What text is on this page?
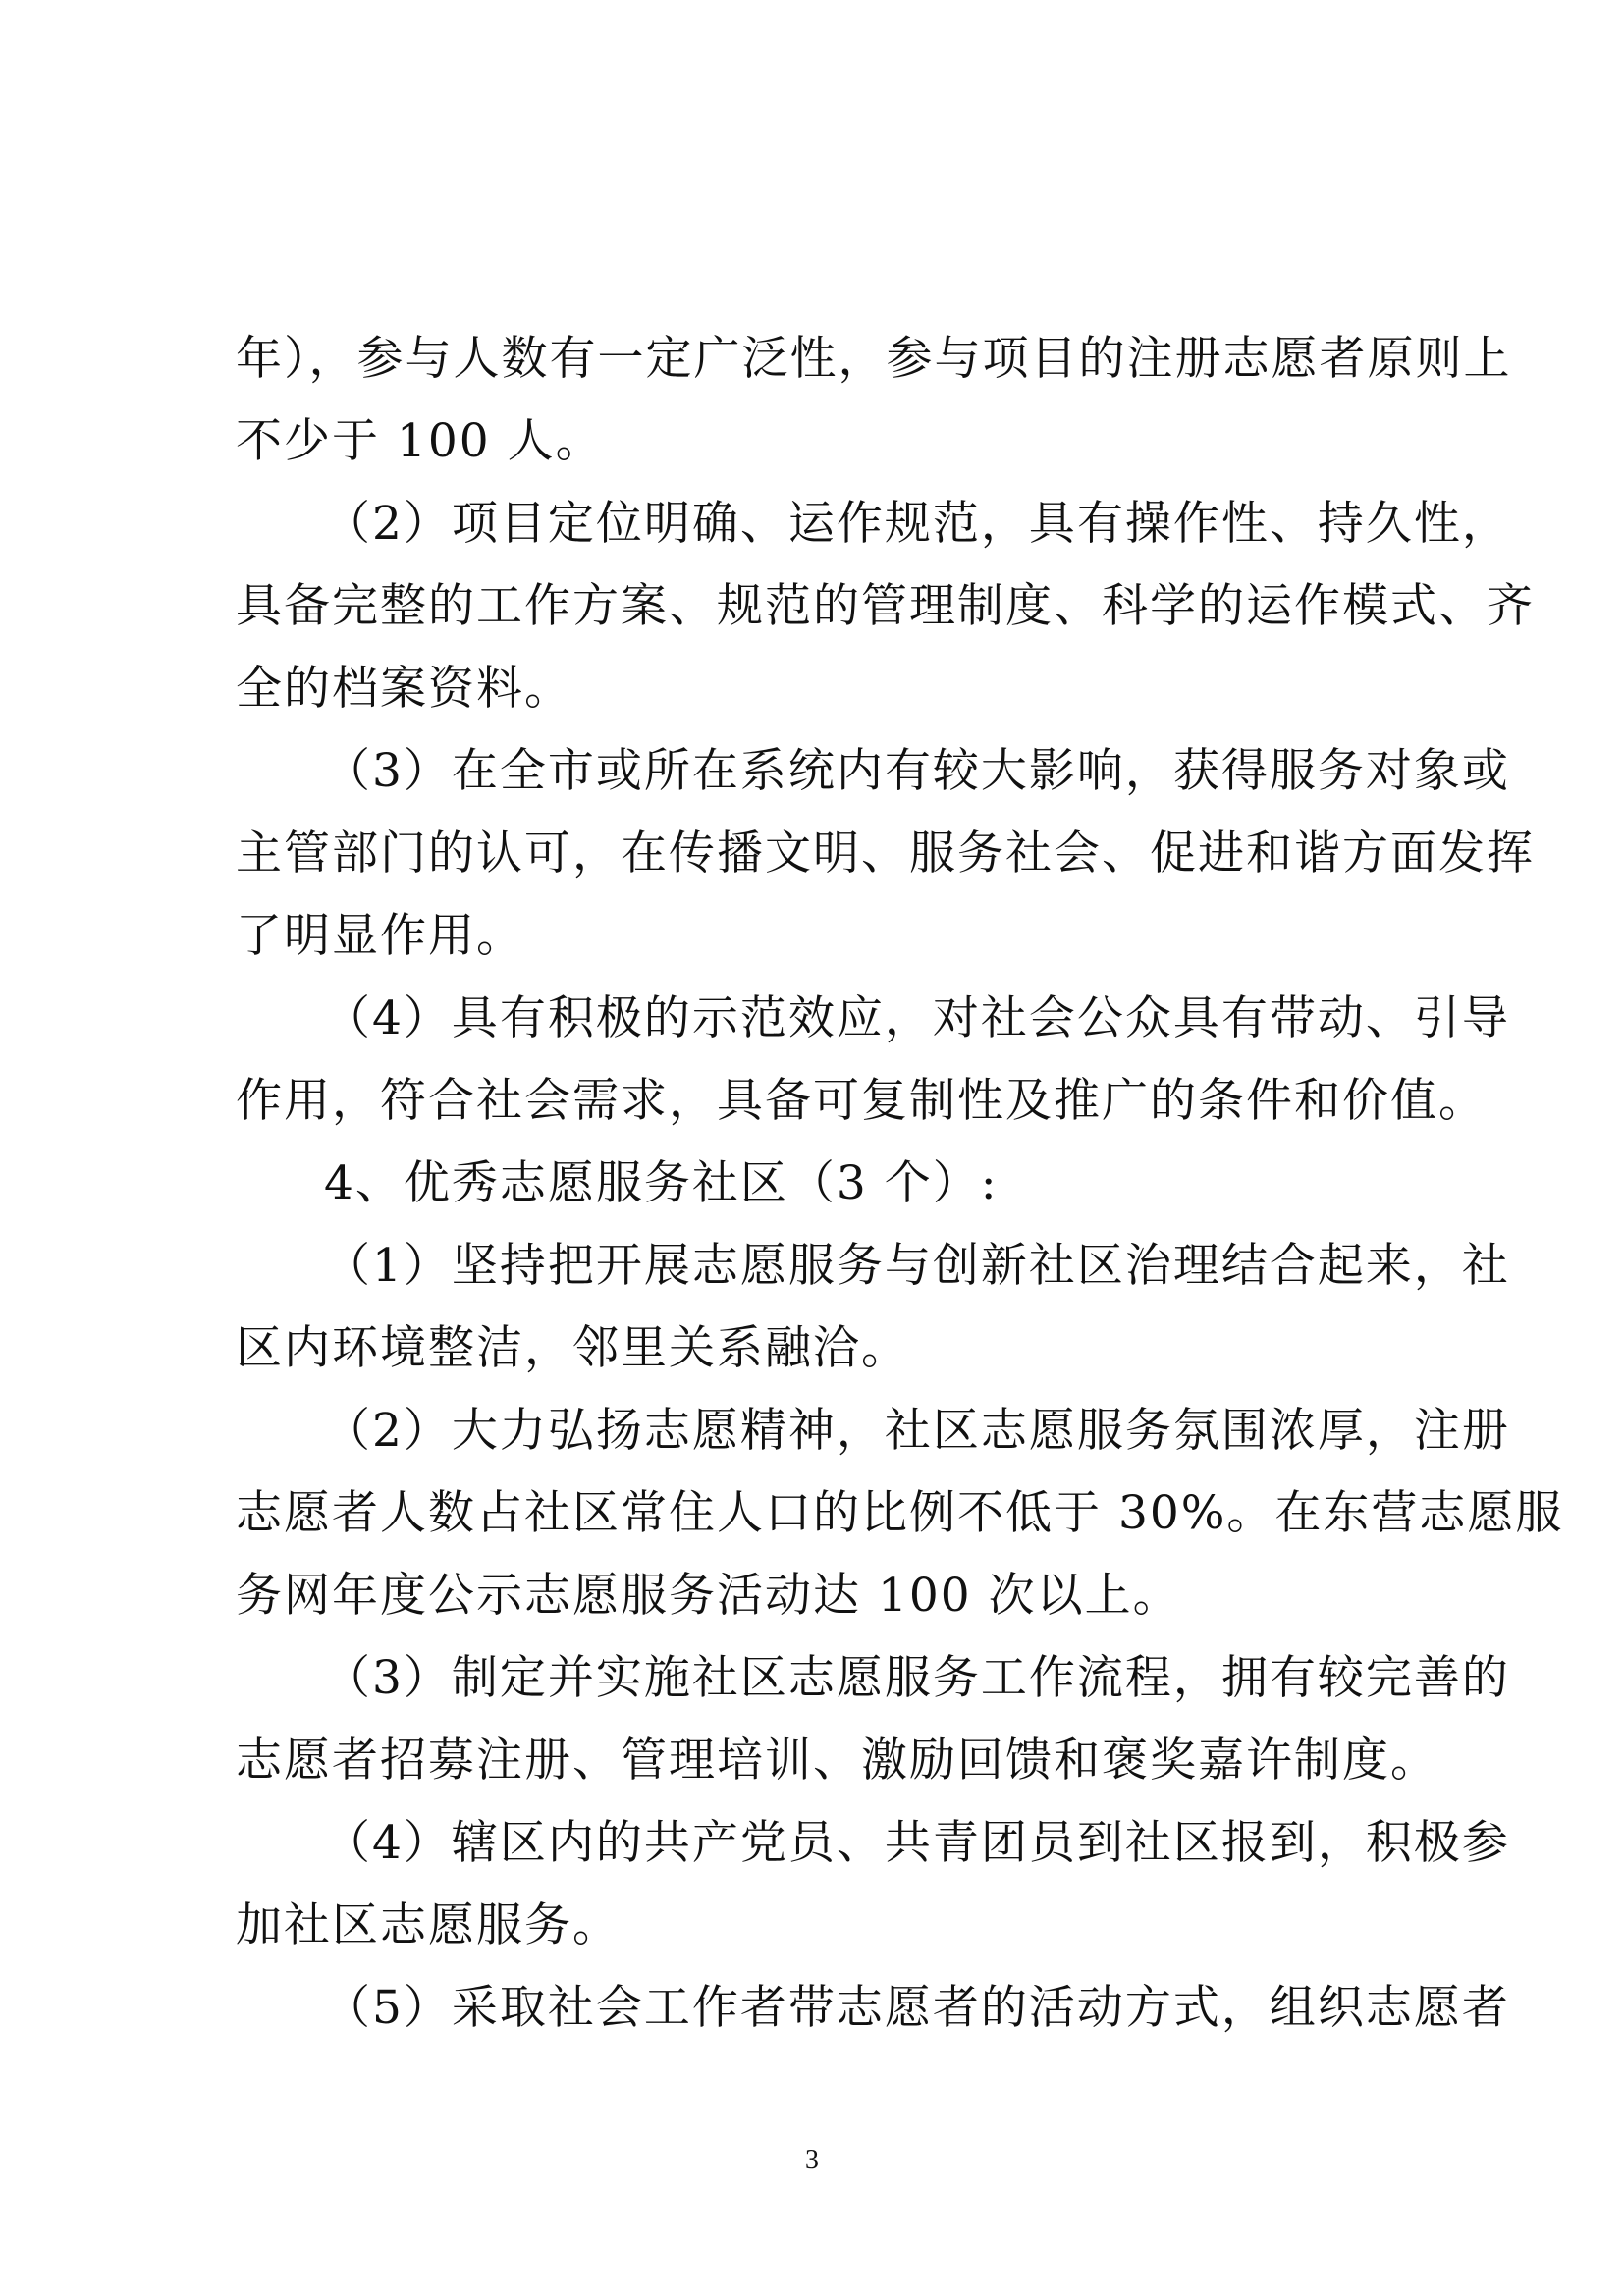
年），参与人数有一定广泛性，参与项目的注册志愿者原则上
不少于 100 人。
（2）项目定位明确、运作规范，具有操作性、持久性，
具备完整的工作方案、规范的管理制度、科学的运作模式、齐
全的档案资料。
（3）在全市或所在系统内有较大影响，获得服务对象或
主管部门的认可，在传播文明、服务社会、促进和谐方面发挥
了明显作用。
（4）具有积极的示范效应，对社会公众具有带动、引导
作用，符合社会需求，具备可复制性及推广的条件和价值。
4、优秀志愿服务社区（3 个）:
（1）坚持把开展志愿服务与创新社区治理结合起来，社
区内环境整洁，邻里关系融洽。
（2）大力弘扬志愿精神，社区志愿服务氛围浓厚，注册
志愿者人数占社区常住人口的比例不低于 30%。在东营志愿服
务网年度公示志愿服务活动达 100 次以上。
（3）制定并实施社区志愿服务工作流程，拥有较完善的
志愿者招募注册、管理培训、激励回馈和褒奖嘉许制度。
（4）辖区内的共产党员、共青团员到社区报到，积极参
加社区志愿服务。
（5）采取社会工作者带志愿者的活动方式，组织志愿者
3
